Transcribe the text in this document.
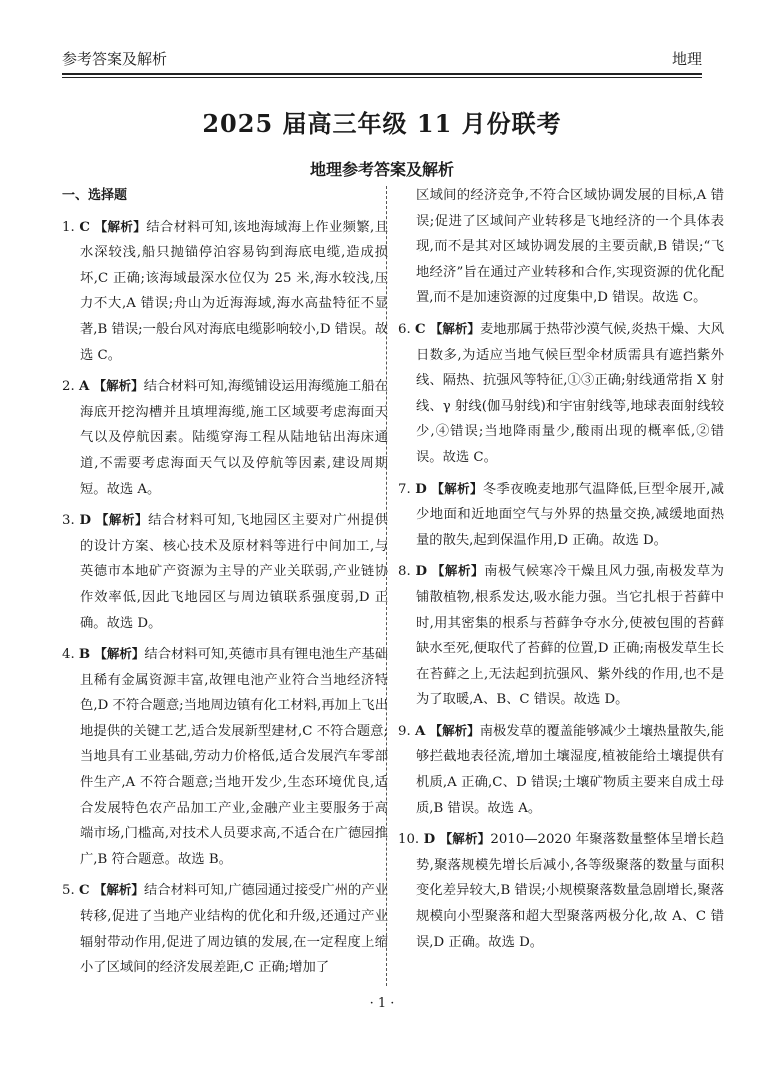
参考答案及解析	地理
2025 届高三年级 11 月份联考
地理参考答案及解析
一、选择题
1. C 【解析】结合材料可知,该地海域海上作业频繁,且水深较浅,船只抛锚停泊容易钩到海底电缆,造成损坏,C 正确;该海域最深水位仅为 25 米,海水较浅,压力不大,A 错误;舟山为近海海域,海水高盐特征不显著,B 错误;一般台风对海底电缆影响较小,D 错误。故选 C。
2. A 【解析】结合材料可知,海缆铺设运用海缆施工船在海底开挖沟槽并且填埋海缆,施工区域要考虑海面天气以及停航因素。陆缆穿海工程从陆地钻出海床通道,不需要考虑海面天气以及停航等因素,建设周期短。故选 A。
3. D 【解析】结合材料可知,飞地园区主要对广州提供的设计方案、核心技术及原材料等进行中间加工,与英德市本地矿产资源为主导的产业关联弱,产业链协作效率低,因此飞地园区与周边镇联系强度弱,D 正确。故选 D。
4. B 【解析】结合材料可知,英德市具有锂电池生产基础且稀有金属资源丰富,故锂电池产业符合当地经济特色,D 不符合题意;当地周边镇有化工材料,再加上飞出地提供的关键工艺,适合发展新型建材,C 不符合题意;当地具有工业基础,劳动力价格低,适合发展汽车零部件生产,A 不符合题意;当地开发少,生态环境优良,适合发展特色农产品加工产业,金融产业主要服务于高端市场,门槛高,对技术人员要求高,不适合在广德园推广,B 符合题意。故选 B。
5. C 【解析】结合材料可知,广德园通过接受广州的产业转移,促进了当地产业结构的优化和升级,还通过产业辐射带动作用,促进了周边镇的发展,在一定程度上缩小了区域间的经济发展差距,C 正确;增加了
区域间的经济竞争,不符合区域协调发展的目标,A 错误;促进了区域间产业转移是飞地经济的一个具体表现,而不是其对区域协调发展的主要贡献,B 错误;“飞地经济”旨在通过产业转移和合作,实现资源的优化配置,而不是加速资源的过度集中,D 错误。故选 C。
6. C 【解析】麦地那属于热带沙漠气候,炎热干燥、大风日数多,为适应当地气候巨型伞材质需具有遮挡紫外线、隔热、抗强风等特征,①③正确;射线通常指 X 射线、γ 射线(伽马射线)和宇宙射线等,地球表面射线较少,④错误;当地降雨量少,酸雨出现的概率低,②错误。故选 C。
7. D 【解析】冬季夜晚麦地那气温降低,巨型伞展开,减少地面和近地面空气与外界的热量交换,减缓地面热量的散失,起到保温作用,D 正确。故选 D。
8. D 【解析】南极气候寒冷干燥且风力强,南极发草为铺散植物,根系发达,吸水能力强。当它扎根于苔藓中时,用其密集的根系与苔藓争夺水分,使被包围的苔藓缺水至死,便取代了苔藓的位置,D 正确;南极发草生长在苔藓之上,无法起到抗强风、紫外线的作用,也不是为了取暖,A、B、C 错误。故选 D。
9. A 【解析】南极发草的覆盖能够减少土壤热量散失,能够拦截地表径流,增加土壤湿度,植被能给土壤提供有机质,A 正确,C、D 错误;土壤矿物质主要来自成土母质,B 错误。故选 A。
10. D 【解析】2010—2020 年聚落数量整体呈增长趋势,聚落规模先增长后减小,各等级聚落的数量与面积变化差异较大,B 错误;小规模聚落数量急剧增长,聚落规模向小型聚落和超大型聚落两极分化,故 A、C 错误,D 正确。故选 D。
· 1 ·
